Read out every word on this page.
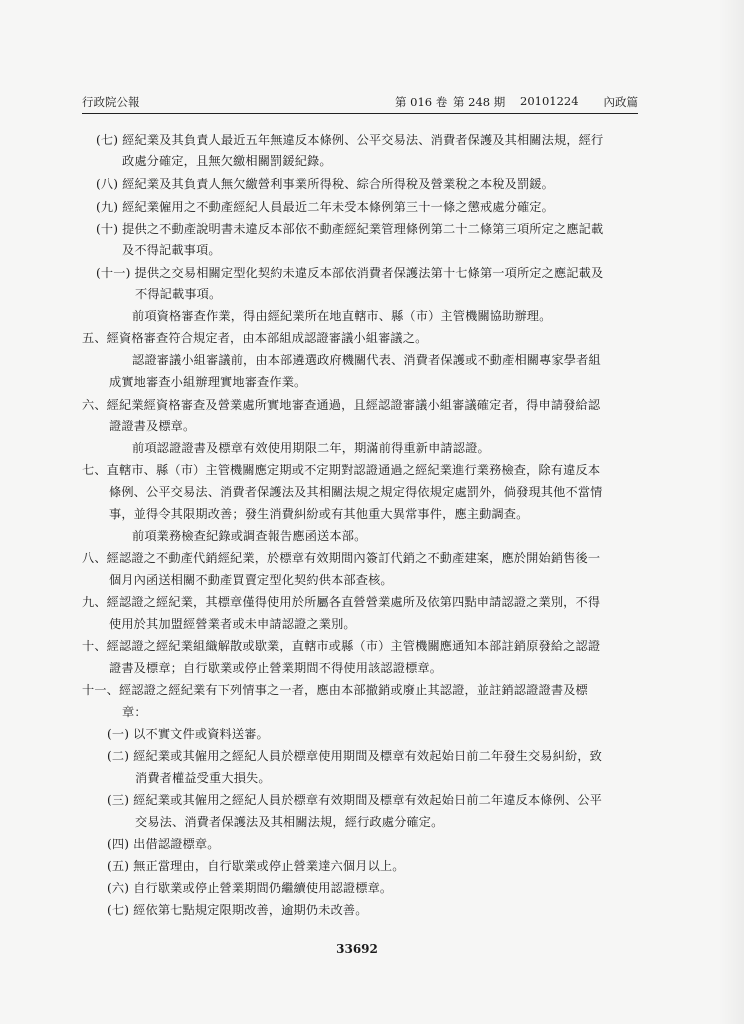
行政院公報	第 016 卷 第 248 期 20101224 內政篇
(七) 經紀業及其負責人最近五年無違反本條例、公平交易法、消費者保護及其相關法規，經行
政處分確定，且無欠繳相關罰鍰紀錄。
(八) 經紀業及其負責人無欠繳營利事業所得稅、綜合所得稅及營業稅之本稅及罰鍰。
(九) 經紀業僱用之不動產經紀人員最近二年未受本條例第三十一條之懲戒處分確定。
(十) 提供之不動產說明書未違反本部依不動產經紀業管理條例第二十二條第三項所定之應記載
及不得記載事項。
(十一) 提供之交易相關定型化契約未違反本部依消費者保護法第十七條第一項所定之應記載及
不得記載事項。
前項資格審查作業，得由經紀業所在地直轄市、縣（市）主管機關協助辦理。
五、經資格審查符合規定者，由本部組成認證審議小組審議之。
認證審議小組審議前，由本部遴選政府機關代表、消費者保護或不動產相關專家學者組
成實地審查小組辦理實地審查作業。
六、經紀業經資格審查及營業處所實地審查通過，且經認證審議小組審議確定者，得申請發給認
證證書及標章。
前項認證證書及標章有效使用期限二年，期滿前得重新申請認證。
七、直轄市、縣（市）主管機關應定期或不定期對認證通過之經紀業進行業務檢查，除有違反本
條例、公平交易法、消費者保護法及其相關法規之規定得依規定處罰外，倘發現其他不當情
事，並得令其限期改善；發生消費糾紛或有其他重大異常事件，應主動調查。
前項業務檢查紀錄或調查報告應函送本部。
八、經認證之不動產代銷經紀業，於標章有效期間內簽訂代銷之不動產建案，應於開始銷售後一
個月內函送相關不動產買賣定型化契約供本部查核。
九、經認證之經紀業，其標章僅得使用於所屬各直營營業處所及依第四點申請認證之業別，不得
使用於其加盟經營業者或未申請認證之業別。
十、經認證之經紀業組織解散或歇業，直轄市或縣（市）主管機關應通知本部註銷原發給之認證
證書及標章；自行歇業或停止營業期間不得使用該認證標章。
十一、經認證之經紀業有下列情事之一者，應由本部撤銷或廢止其認證，並註銷認證證書及標
章：
(一) 以不實文件或資料送審。
(二) 經紀業或其僱用之經紀人員於標章使用期間及標章有效起始日前二年發生交易糾紛，致
消費者權益受重大損失。
(三) 經紀業或其僱用之經紀人員於標章有效期間及標章有效起始日前二年違反本條例、公平
交易法、消費者保護法及其相關法規，經行政處分確定。
(四) 出借認證標章。
(五) 無正當理由，自行歇業或停止營業達六個月以上。
(六) 自行歇業或停止營業期間仍繼續使用認證標章。
(七) 經依第七點規定限期改善，逾期仍未改善。
33692
